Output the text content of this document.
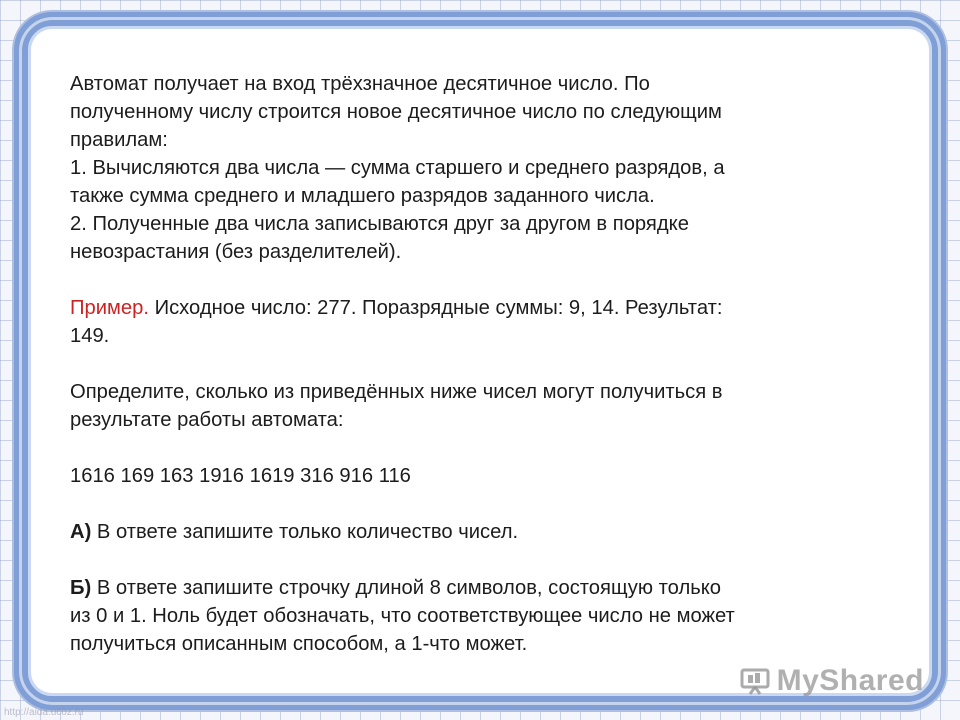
Автомат получает на вход трёхзначное десятичное число. По

полученному числу строится новое десятичное число по следующим

правилам:

1. Вычисляются два числа — сумма старшего и среднего разрядов, а

также сумма среднего и младшего разрядов заданного числа.

2. Полученные два числа записываются друг за другом в порядке

невозрастания (без разделителей).

Пример. Исходное число: 277. Поразрядные суммы: 9, 14. Результат:

149.

Определите, сколько из приведённых ниже чисел могут получиться в

результате работы автомата:

1616 169 163 1916 1619 316 916 116

А) В ответе запишите только количество чисел.

Б) В ответе запишите строчку длиной 8 символов, состоящую только

из 0 и 1. Ноль будет обозначать, что соответствующее число не может

получиться описанным способом, а 1-что может.

MyShared
http://aida.ucoz.ru
